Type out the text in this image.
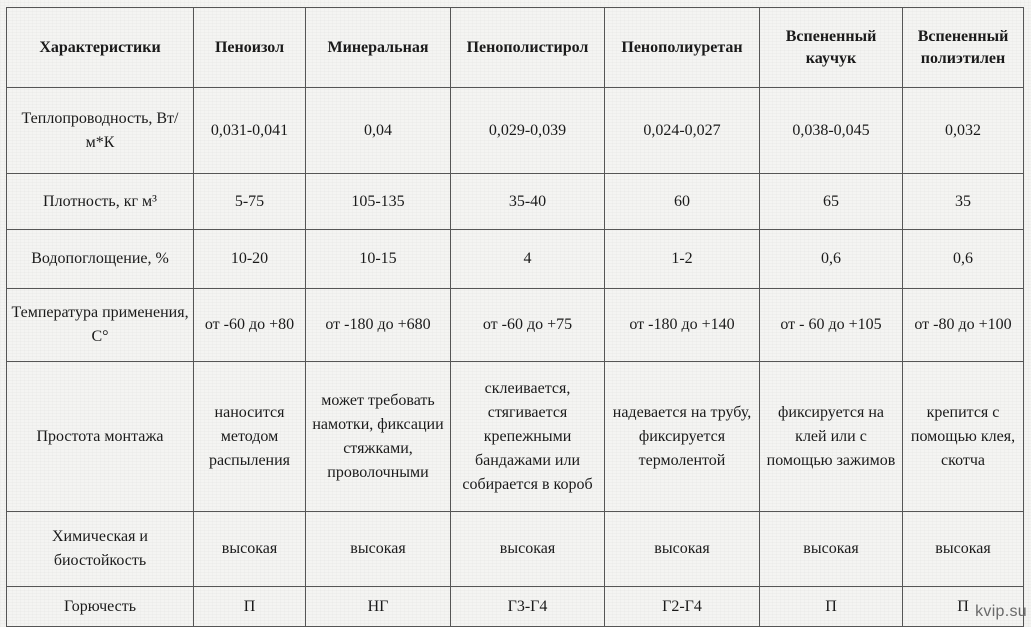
Характеристики	Пеноизол	Минеральная	Пенополистирол	Пенополиуретан	Вспененный каучук	Вспененный полиэтилен
Теплопроводность, Вт/м*К	0,031-0,041	0,04	0,029-0,039	0,024-0,027	0,038-0,045	0,032
Плотность, кг м³	5-75	105-135	35-40	60	65	35
Водопоглощение, %	10-20	10-15	4	1-2	0,6	0,6
Температура применения, С°	от -60 до +80	от -180 до +680	от -60 до +75	от -180 до +140	от - 60 до +105	от -80 до +100
Простота монтажа	наносится методом распыления	может требовать намотки, фиксации стяжками, проволочными	склеивается, стягивается крепежными бандажами или собирается в короб	надевается на трубу, фиксируется термолентой	фиксируется на клей или с помощью зажимов	крепится с помощью клея, скотча
Химическая и биостойкость	высокая	высокая	высокая	высокая	высокая	высокая
Горючесть	П	НГ	Г3-Г4	Г2-Г4	П	П kvip.su
